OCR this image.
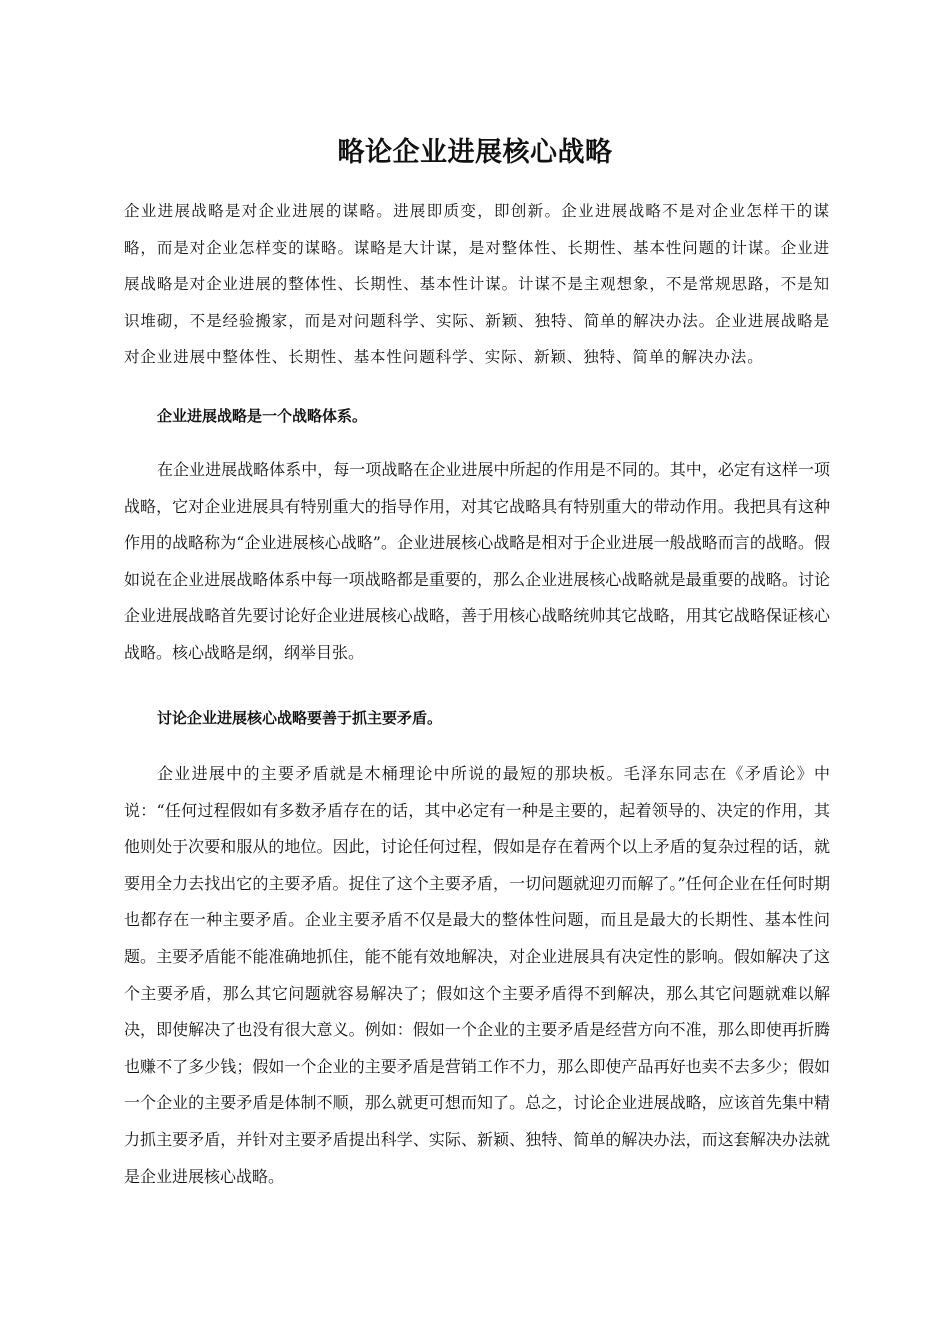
略论企业进展核心战略

企业进展战略是对企业进展的谋略。进展即质变，即创新。企业进展战略不是对企业怎样干的谋略，而是对企业怎样变的谋略。谋略是大计谋，是对整体性、长期性、基本性问题的计谋。企业进展战略是对企业进展的整体性、长期性、基本性计谋。计谋不是主观想象，不是常规思路，不是知识堆砌，不是经验搬家，而是对问题科学、实际、新颖、独特、简单的解决办法。企业进展战略是对企业进展中整体性、长期性、基本性问题科学、实际、新颖、独特、简单的解决办法。

企业进展战略是一个战略体系。

在企业进展战略体系中，每一项战略在企业进展中所起的作用是不同的。其中，必定有这样一项战略，它对企业进展具有特别重大的指导作用，对其它战略具有特别重大的带动作用。我把具有这种作用的战略称为“企业进展核心战略”。企业进展核心战略是相对于企业进展一般战略而言的战略。假如说在企业进展战略体系中每一项战略都是重要的，那么企业进展核心战略就是最重要的战略。讨论企业进展战略首先要讨论好企业进展核心战略，善于用核心战略统帅其它战略，用其它战略保证核心战略。核心战略是纲，纲举目张。

讨论企业进展核心战略要善于抓主要矛盾。

企业进展中的主要矛盾就是木桶理论中所说的最短的那块板。毛泽东同志在《矛盾论》中说：“任何过程假如有多数矛盾存在的话，其中必定有一种是主要的，起着领导的、决定的作用，其他则处于次要和服从的地位。因此，讨论任何过程，假如是存在着两个以上矛盾的复杂过程的话，就要用全力去找出它的主要矛盾。捉住了这个主要矛盾，一切问题就迎刃而解了。”任何企业在任何时期也都存在一种主要矛盾。企业主要矛盾不仅是最大的整体性问题，而且是最大的长期性、基本性问题。主要矛盾能不能准确地抓住，能不能有效地解决，对企业进展具有决定性的影响。假如解决了这个主要矛盾，那么其它问题就容易解决了；假如这个主要矛盾得不到解决，那么其它问题就难以解决，即使解决了也没有很大意义。例如：假如一个企业的主要矛盾是经营方向不准，那么即使再折腾也赚不了多少钱；假如一个企业的主要矛盾是营销工作不力，那么即使产品再好也卖不去多少；假如一个企业的主要矛盾是体制不顺，那么就更可想而知了。总之，讨论企业进展战略，应该首先集中精力抓主要矛盾，并针对主要矛盾提出科学、实际、新颖、独特、简单的解决办法，而这套解决办法就是企业进展核心战略。
